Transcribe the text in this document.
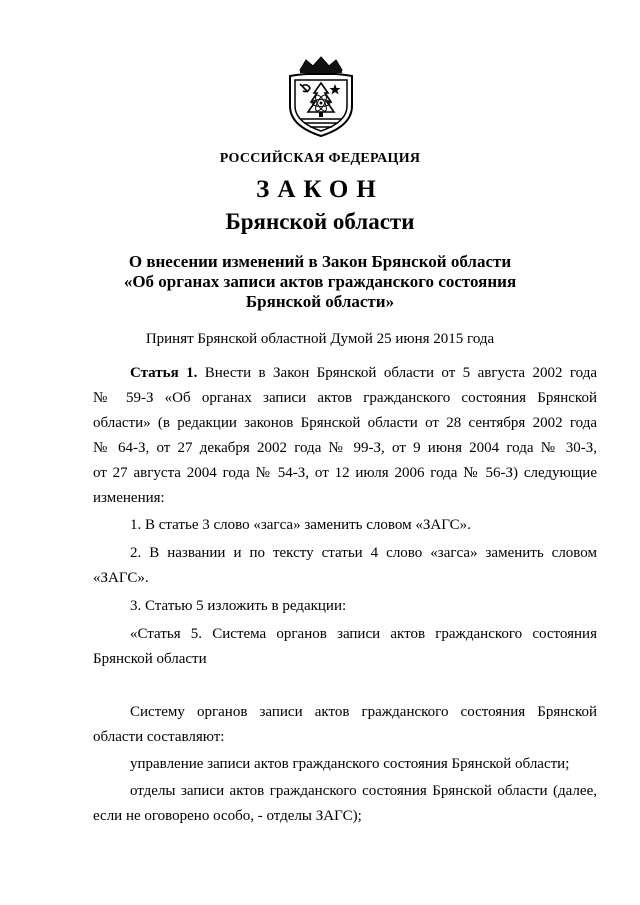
РОССИЙСКАЯ ФЕДЕРАЦИЯ
ЗАКОН
Брянской области
О внесении изменений в Закон Брянской области
«Об органах записи актов гражданского состояния
Брянской области»
Принят Брянской областной Думой 25 июня 2015 года
Статья 1. Внести в Закон Брянской области от 5 августа 2002 года
№ 59-З «Об органах записи актов гражданского состояния Брянской
области» (в редакции законов Брянской области от 28 сентября 2002 года
№ 64-З, от 27 декабря 2002 года № 99-З, от 9 июня 2004 года № 30-З,
от 27 августа 2004 года № 54-З, от 12 июля 2006 года № 56-З) следующие
изменения:
1. В статье 3 слово «загса» заменить словом «ЗАГС».
2. В названии и по тексту статьи 4 слово «загса» заменить словом
«ЗАГС».
3. Статью 5 изложить в редакции:
«Статья 5. Система органов записи актов гражданского состояния
Брянской области
Систему органов записи актов гражданского состояния Брянской
области составляют:
управление записи актов гражданского состояния Брянской области;
отделы записи актов гражданского состояния Брянской области (далее,
если не оговорено особо, - отделы ЗАГС);
